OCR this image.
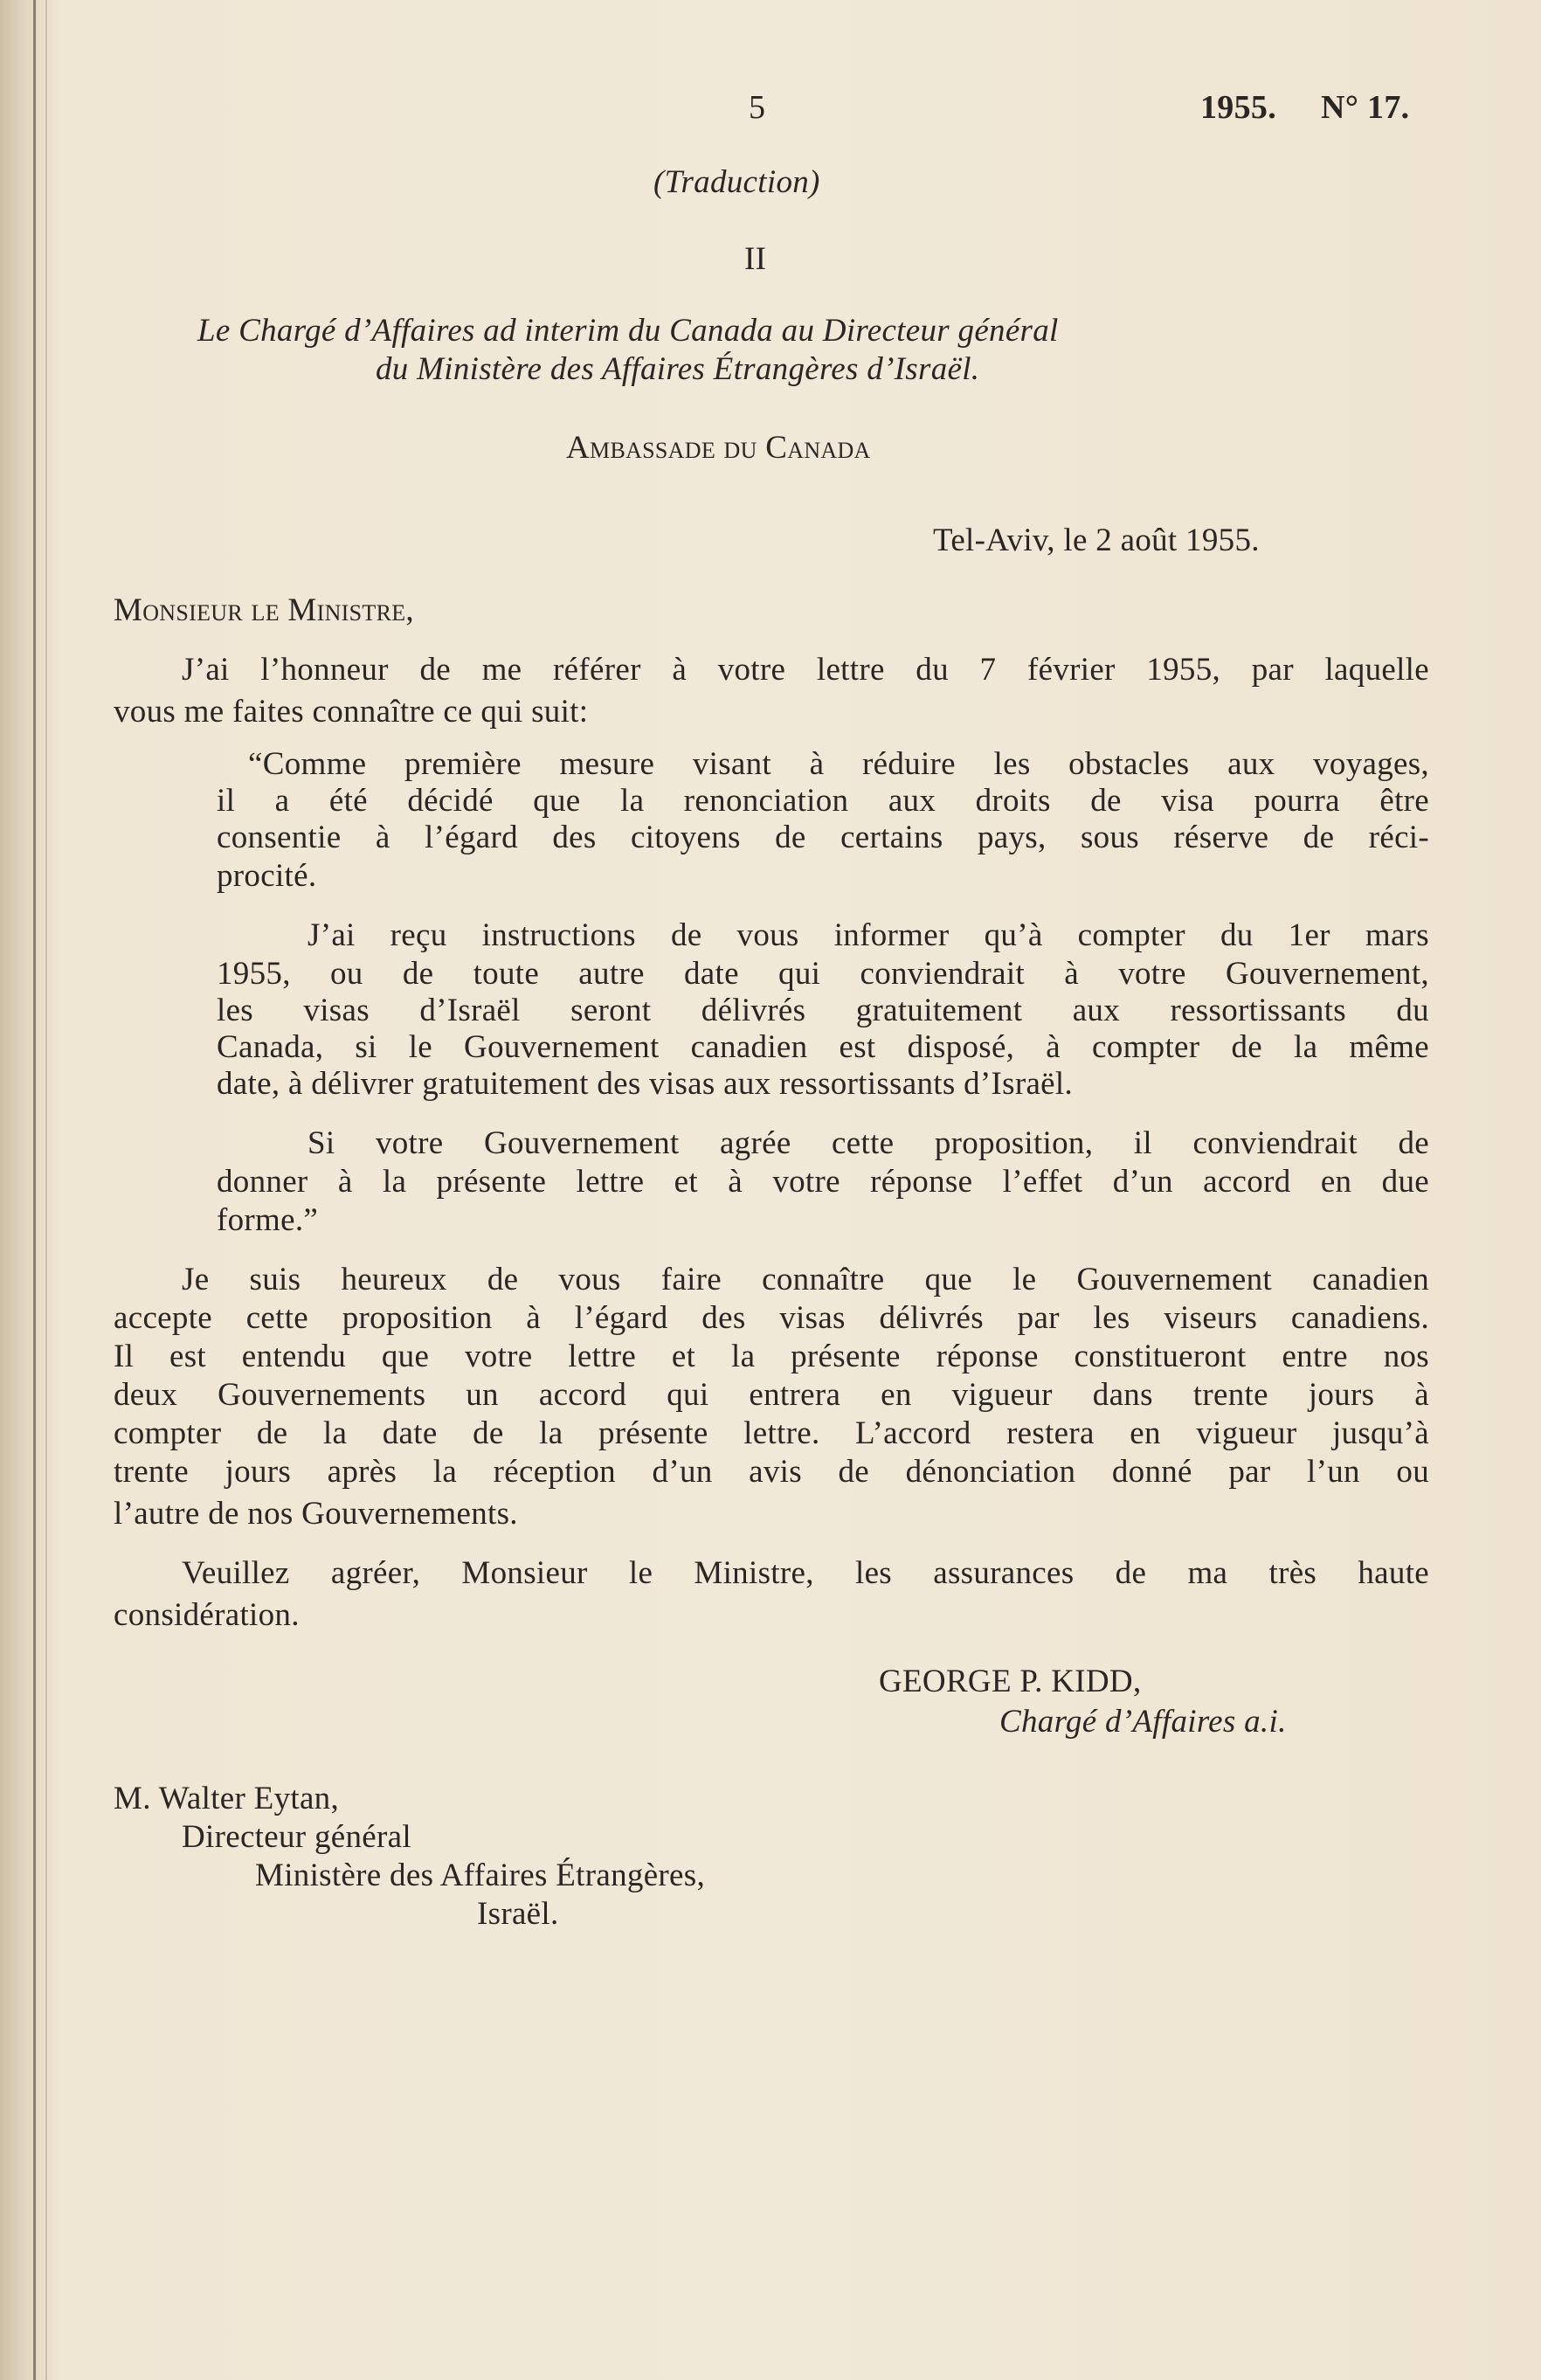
5	1955. N° 17.

(Traduction)

II

Le Chargé d’Affaires ad interim du Canada au Directeur général

du Ministère des Affaires Étrangères d’Israël.

Ambassade du Canada

Tel-Aviv, le 2 août 1955.

Monsieur le Ministre,

J’ai l’honneur de me référer à votre lettre du 7 février 1955, par laquelle

vous me faites connaître ce qui suit:

“Comme première mesure visant à réduire les obstacles aux voyages,

il a été décidé que la renonciation aux droits de visa pourra être

consentie à l’égard des citoyens de certains pays, sous réserve de réci-

procité.

J’ai reçu instructions de vous informer qu’à compter du 1er mars

1955, ou de toute autre date qui conviendrait à votre Gouvernement,

les visas d’Israël seront délivrés gratuitement aux ressortissants du

Canada, si le Gouvernement canadien est disposé, à compter de la même

date, à délivrer gratuitement des visas aux ressortissants d’Israël.

Si votre Gouvernement agrée cette proposition, il conviendrait de

donner à la présente lettre et à votre réponse l’effet d’un accord en due

forme.”

Je suis heureux de vous faire connaître que le Gouvernement canadien

accepte cette proposition à l’égard des visas délivrés par les viseurs canadiens.

Il est entendu que votre lettre et la présente réponse constitueront entre nos

deux Gouvernements un accord qui entrera en vigueur dans trente jours à

compter de la date de la présente lettre. L’accord restera en vigueur jusqu’à

trente jours après la réception d’un avis de dénonciation donné par l’un ou

l’autre de nos Gouvernements.

Veuillez agréer, Monsieur le Ministre, les assurances de ma très haute

considération.

GEORGE P. KIDD,

Chargé d’Affaires a.i.

M. Walter Eytan,

Directeur général

Ministère des Affaires Étrangères,

Israël.
